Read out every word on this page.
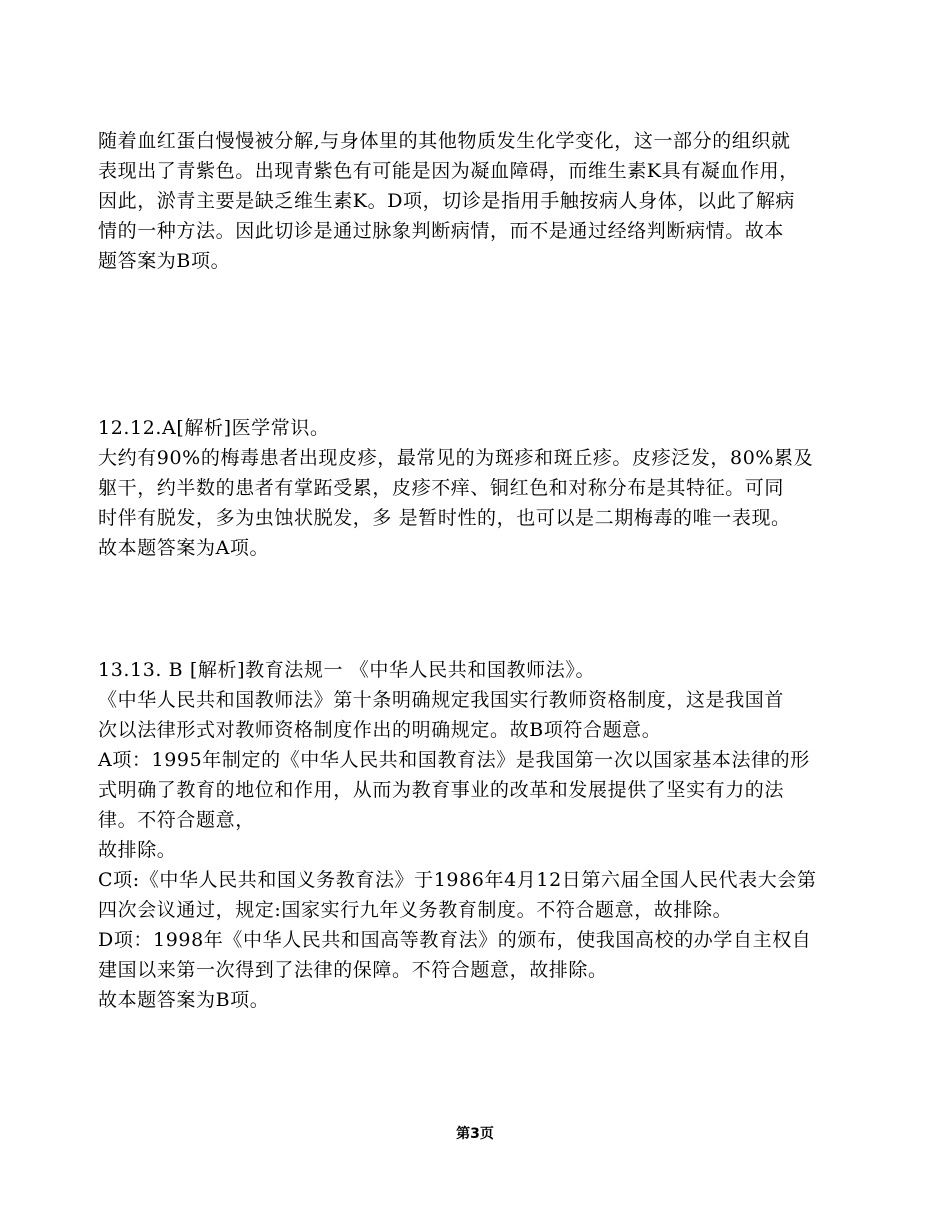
随着血红蛋白慢慢被分解,与身体里的其他物质发生化学变化，这一部分的组织就
表现出了青紫色。出现青紫色有可能是因为凝血障碍，而维生素K具有凝血作用，
因此，淤青主要是缺乏维生素K。D项，切诊是指用手触按病人身体，以此了解病
情的一种方法。因此切诊是通过脉象判断病情，而不是通过经络判断病情。故本
题答案为B项。
12.12.A[解析]医学常识。
大约有90%的梅毒患者出现皮疹，最常见的为斑疹和斑丘疹。皮疹泛发，80%累及
躯干，约半数的患者有掌跖受累，皮疹不痒、铜红色和对称分布是其特征。可同
时伴有脱发，多为虫蚀状脱发，多 是暂时性的，也可以是二期梅毒的唯一表现。
故本题答案为A项。
13.13. B [解析]教育法规一 《中华人民共和国教师法》。
《中华人民共和国教师法》第十条明确规定我国实行教师资格制度，这是我国首
次以法律形式对教师资格制度作出的明确规定。故B项符合题意。
A项：1995年制定的《中华人民共和国教育法》是我国第一次以国家基本法律的形
式明确了教育的地位和作用，从而为教育事业的改革和发展提供了坚实有力的法
律。不符合题意，
故排除。
C项:《中华人民共和国义务教育法》于1986年4月12日第六届全国人民代表大会第
四次会议通过，规定:国家实行九年义务教育制度。不符合题意，故排除。
D项：1998年《中华人民共和国高等教育法》的颁布，使我国高校的办学自主权自
建国以来第一次得到了法律的保障。不符合题意，故排除。
故本题答案为B项。
第3页
